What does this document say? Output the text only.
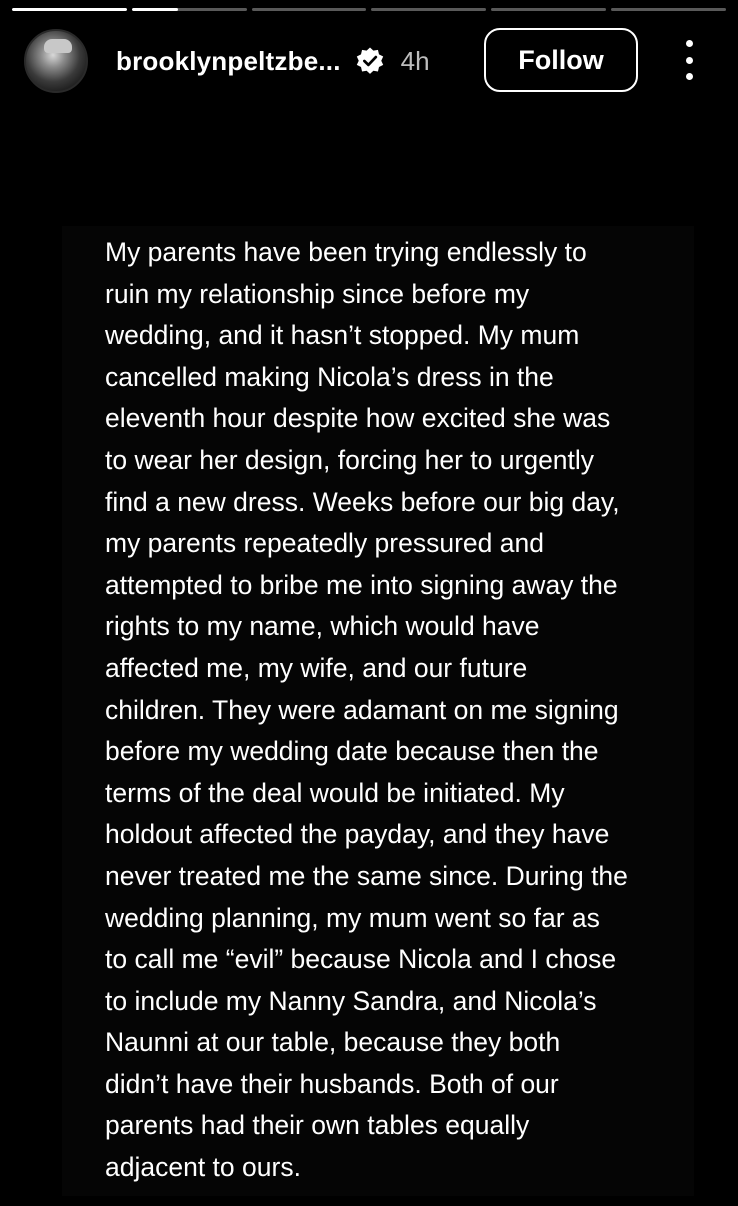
brooklynpeltzbe... 4h	Follow

My parents have been trying endlessly to
ruin my relationship since before my
wedding, and it hasn’t stopped. My mum
cancelled making Nicola’s dress in the
eleventh hour despite how excited she was
to wear her design, forcing her to urgently
find a new dress. Weeks before our big day,
my parents repeatedly pressured and
attempted to bribe me into signing away the
rights to my name, which would have
affected me, my wife, and our future
children. They were adamant on me signing
before my wedding date because then the
terms of the deal would be initiated. My
holdout affected the payday, and they have
never treated me the same since. During the
wedding planning, my mum went so far as
to call me “evil” because Nicola and I chose
to include my Nanny Sandra, and Nicola’s
Naunni at our table, because they both
didn’t have their husbands. Both of our
parents had their own tables equally
adjacent to ours.
